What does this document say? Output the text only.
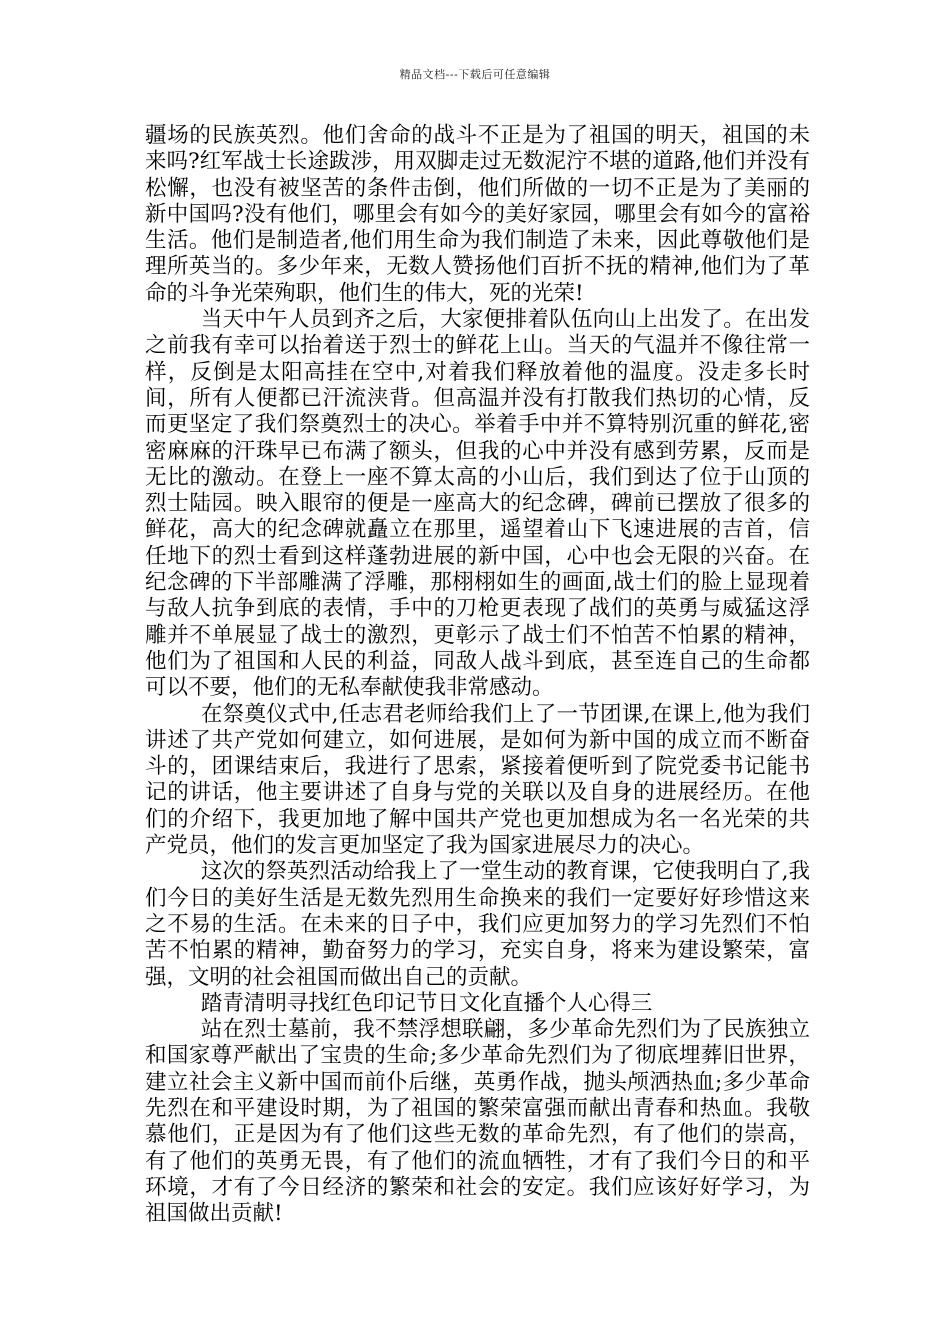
精品文档---下载后可任意编辑

疆场的民族英烈。他们舍命的战斗不正是为了祖国的明天，祖国的未来吗?红军战士长途跋涉，用双脚走过无数泥泞不堪的道路,他们并没有松懈，也没有被坚苦的条件击倒，他们所做的一切不正是为了美丽的新中国吗?没有他们，哪里会有如今的美好家园，哪里会有如今的富裕生活。他们是制造者,他们用生命为我们制造了未来，因此尊敬他们是理所英当的。多少年来，无数人赞扬他们百折不抚的精神,他们为了革命的斗争光荣殉职，他们生的伟大，死的光荣!

当天中午人员到齐之后，大家便排着队伍向山上出发了。在出发之前我有幸可以抬着送于烈士的鲜花上山。当天的气温并不像往常一样，反倒是太阳高挂在空中,对着我们释放着他的温度。没走多长时间，所有人便都已汗流浃背。但高温并没有打散我们热切的心情，反而更坚定了我们祭奠烈士的决心。举着手中并不算特别沉重的鲜花,密密麻麻的汗珠早已布满了额头，但我的心中并没有感到劳累，反而是无比的激动。在登上一座不算太高的小山后，我们到达了位于山顶的烈士陆园。映入眼帘的便是一座高大的纪念碑，碑前已摆放了很多的鲜花，高大的纪念碑就矗立在那里，遥望着山下飞速进展的吉首，信任地下的烈士看到这样蓬勃进展的新中国，心中也会无限的兴奋。在纪念碑的下半部雕满了浮雕，那栩栩如生的画面,战士们的脸上显现着与敌人抗争到底的表情，手中的刀枪更表现了战们的英勇与威猛这浮雕并不单展显了战士的激烈，更彰示了战士们不怕苦不怕累的精神，他们为了祖国和人民的利益，同敌人战斗到底，甚至连自己的生命都可以不要，他们的无私奉献使我非常感动。

在祭奠仪式中,任志君老师给我们上了一节团课,在课上,他为我们讲述了共产党如何建立，如何进展，是如何为新中国的成立而不断奋斗的，团课结束后，我进行了思索，紧接着便听到了院党委书记能书记的讲话，他主要讲述了自身与党的关联以及自身的进展经历。在他们的介绍下，我更加地了解中国共产党也更加想成为名一名光荣的共产党员，他们的发言更加坚定了我为国家进展尽力的决心。

这次的祭英烈活动给我上了一堂生动的教育课，它使我明白了,我们今日的美好生活是无数先烈用生命换来的我们一定要好好珍惜这来之不易的生活。在未来的日子中，我们应更加努力的学习先烈们不怕苦不怕累的精神，勤奋努力的学习，充实自身，将来为建设繁荣，富强，文明的社会祖国而做出自己的贡献。

踏青清明寻找红色印记节日文化直播个人心得三

站在烈士墓前，我不禁浮想联翩，多少革命先烈们为了民族独立和国家尊严献出了宝贵的生命;多少革命先烈们为了彻底埋葬旧世界，建立社会主义新中国而前仆后继，英勇作战，抛头颅洒热血;多少革命先烈在和平建设时期，为了祖国的繁荣富强而献出青春和热血。我敬慕他们，正是因为有了他们这些无数的革命先烈，有了他们的崇高，有了他们的英勇无畏，有了他们的流血牺牲，才有了我们今日的和平环境，才有了今日经济的繁荣和社会的安定。我们应该好好学习，为祖国做出贡献!
